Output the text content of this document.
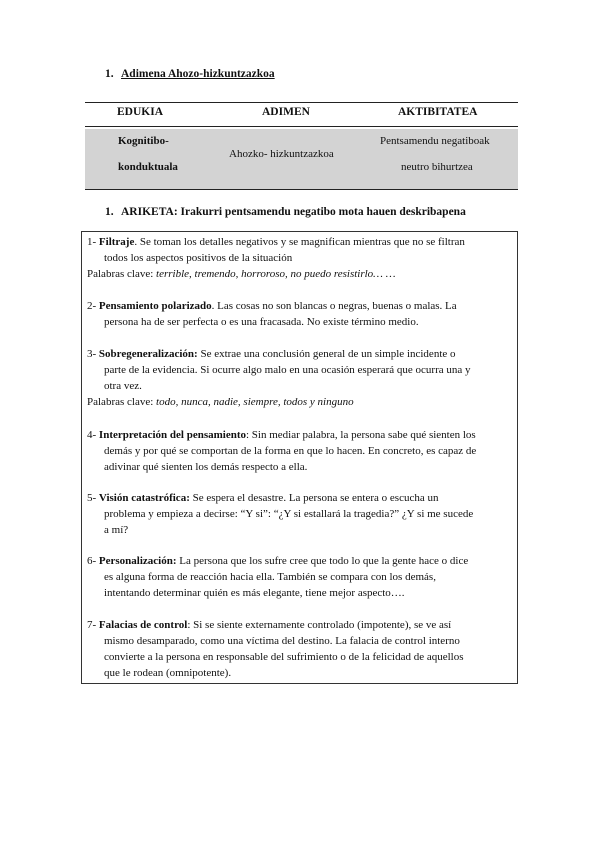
1. Adimena Ahozo-hizkuntzazkoa
EDUKIA	ADIMEN	AKTIBITATEA
Kognitibo-
konduktuala
Ahozko- hizkuntzazkoa
Pentsamendu negatiboak
neutro bihurtzea
1. ARIKETA: Irakurri pentsamendu negatibo mota hauen deskribapena
1- Filtraje. Se toman los detalles negativos y se magnifican mientras que no se filtran
todos los aspectos positivos de la situación
Palabras clave: terrible, tremendo, horroroso, no puedo resistirlo… …
2- Pensamiento polarizado. Las cosas no son blancas o negras, buenas o malas. La
persona ha de ser perfecta o es una fracasada. No existe término medio.
3- Sobregeneralización: Se extrae una conclusión general de un simple incidente o
parte de la evidencia. Si ocurre algo malo en una ocasión esperará que ocurra una y
otra vez.
Palabras clave: todo, nunca, nadie, siempre, todos y ninguno
4- Interpretación del pensamiento: Sin mediar palabra, la persona sabe qué sienten los
demás y por qué se comportan de la forma en que lo hacen. En concreto, es capaz de
adivinar qué sienten los demás respecto a ella.
5- Visión catastrófica: Se espera el desastre. La persona se entera o escucha un
problema y empieza a decirse: “Y si”: “¿Y si estallará la tragedia?” ¿Y si me sucede
a mí?
6- Personalización: La persona que los sufre cree que todo lo que la gente hace o dice
es alguna forma de reacción hacia ella. También se compara con los demás,
intentando determinar quién es más elegante, tiene mejor aspecto….
7- Falacias de control: Si se siente externamente controlado (impotente), se ve así
mismo desamparado, como una víctima del destino. La falacia de control interno
convierte a la persona en responsable del sufrimiento o de la felicidad de aquellos
que le rodean (omnipotente).
